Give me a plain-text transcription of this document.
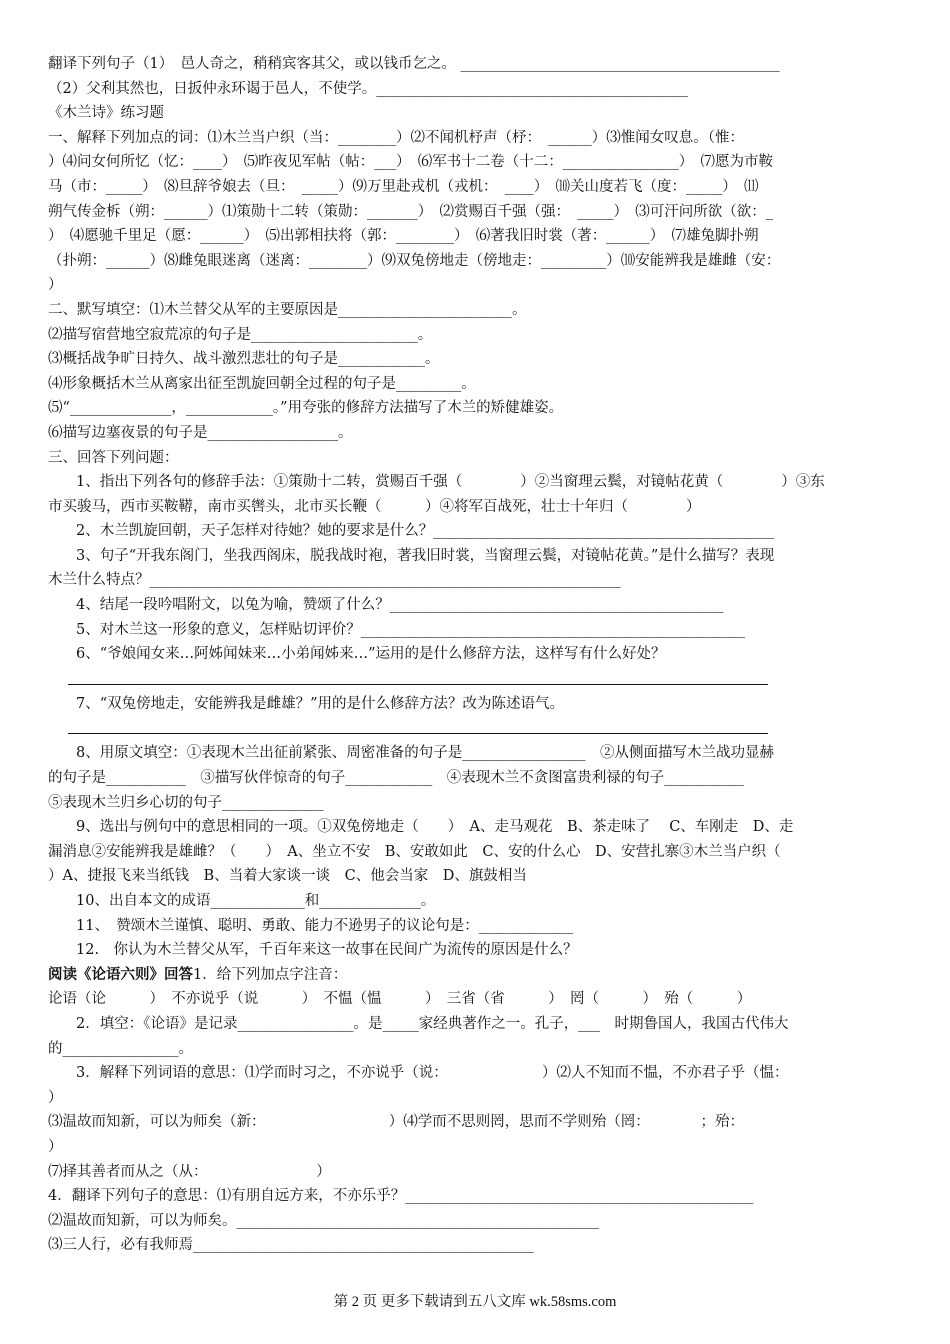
翻译下列句子（1）　邑人奇之，稍稍宾客其父，或以钱币乞之。 ____________________________________________
（2）父利其然也，日扳仲永环谒于邑人，不使学。___________________________________________
《木兰诗》练习题
一、解释下列加点的词：⑴木兰当户织（当：________）⑵不闻机杼声（杼：　______）⑶惟闻女叹息。（惟：
）⑷问女何所忆（忆：____）　⑸昨夜见军帖（帖：___）　⑹军书十二卷（十二：________________）　⑺愿为市鞍
马（市：_____）　⑻旦辞爷娘去（旦：　_____）⑼万里赴戎机（戎机：　____）　⑽关山度若飞（度：_____）　⑾
朔气传金柝（朔：______）⑴策勋十二转（策勋：_______）　⑵赏赐百千强（强：　_____）　⑶可汗问所欲（欲：_
）　⑷愿驰千里足（愿：______）　⑸出郭相扶将（郭：________）　⑹著我旧时裳（著：______）　⑺雄兔脚扑朔
（扑朔：______）⑻雌兔眼迷离（迷离：________）⑼双兔傍地走（傍地走：_________）⑽安能辨我是雄雌（安：
）
二、默写填空：⑴木兰替父从军的主要原因是________________________。
⑵描写宿营地空寂荒凉的句子是_______________________。
⑶概括战争旷日持久、战斗激烈悲壮的句子是____________。
⑷形象概括木兰从离家出征至凯旋回朝全过程的句子是_________。
⑸“______________，____________。”用夸张的修辞方法描写了木兰的矫健雄姿。
⑹描写边塞夜景的句子是__________________。
三、回答下列问题：
1、指出下列各句的修辞手法：①策勋十二转，赏赐百千强（　　　　）②当窗理云鬓，对镜帖花黄（　　　　）③东
市买骏马，西市买鞍鞯，南市买辔头，北市买长鞭（　　　）④将军百战死，壮士十年归（　　　　）
2、木兰凯旋回朝，天子怎样对待她？她的要求是什么？_______________________________________________
3、句子“开我东阁门，坐我西阁床，脱我战时袍，著我旧时裳，当窗理云鬓，对镜帖花黄。”是什么描写？表现
木兰什么特点？_________________________________________________________________
4、结尾一段吟唱附文，以兔为喻，赞颂了什么？______________________________________________
5、对木兰这一形象的意义，怎样贴切评价？_____________________________________________________
6、“爷娘闻女来…阿姊闻妹来…小弟闻姊来…”运用的是什么修辞方法，这样写有什么好处？
7、“双兔傍地走，安能辨我是雌雄？”用的是什么修辞方法？改为陈述语气。
8、用原文填空：①表现木兰出征前紧张、周密准备的句子是_________________　②从侧面描写木兰战功显赫
的句子是___________　③描写伙伴惊奇的句子____________　④表现木兰不贪图富贵利禄的句子___________
⑤表现木兰归乡心切的句子______________
9、选出与例句中的意思相同的一项。①双兔傍地走（　　）　A、走马观花　B、茶走味了　 C、车刚走　D、走
漏消息②安能辨我是雄雌？（　　）　A、坐立不安　B、安敢如此　C、安的什么心　D、安营扎寨③木兰当户织（
）A、捷报飞来当纸钱　B、当着大家谈一谈　C、他会当家　D、旗鼓相当
10、出自本文的成语_____________和______________。
11、　赞颂木兰谨慎、聪明、勇敢、能力不逊男子的议论句是：_____________
12.　你认为木兰替父从军，千百年来这一故事在民间广为流传的原因是什么？
阅读《论语六则》回答1．给下列加点字注音：
论语（论　　　）　不亦说乎（说　　　）　不愠（愠　　　）　三省（省　　　）　罔（　　　）　殆（　　　）
2．填空：《论语》是记录________________。是_____家经典著作之一。孔子，___　时期鲁国人，我国古代伟大
的________________。
3．解释下列词语的意思：⑴学而时习之，不亦说乎（说：　　　　　　　）⑵人不知而不愠，不亦君子乎（愠：
）
⑶温故而知新，可以为师矣（新：　　　　　　　　　）⑷学而不思则罔，思而不学则殆（罔：　　　　；殆：
）
⑺择其善者而从之（从：　　　　　　　　）
4．翻译下列句子的意思：⑴有朋自远方来，不亦乐乎？________________________________________________
⑵温故而知新，可以为师矣。__________________________________________________
⑶三人行，必有我师焉_______________________________________________
第 2 页 更多下载请到五八文库 wk.58sms.com
